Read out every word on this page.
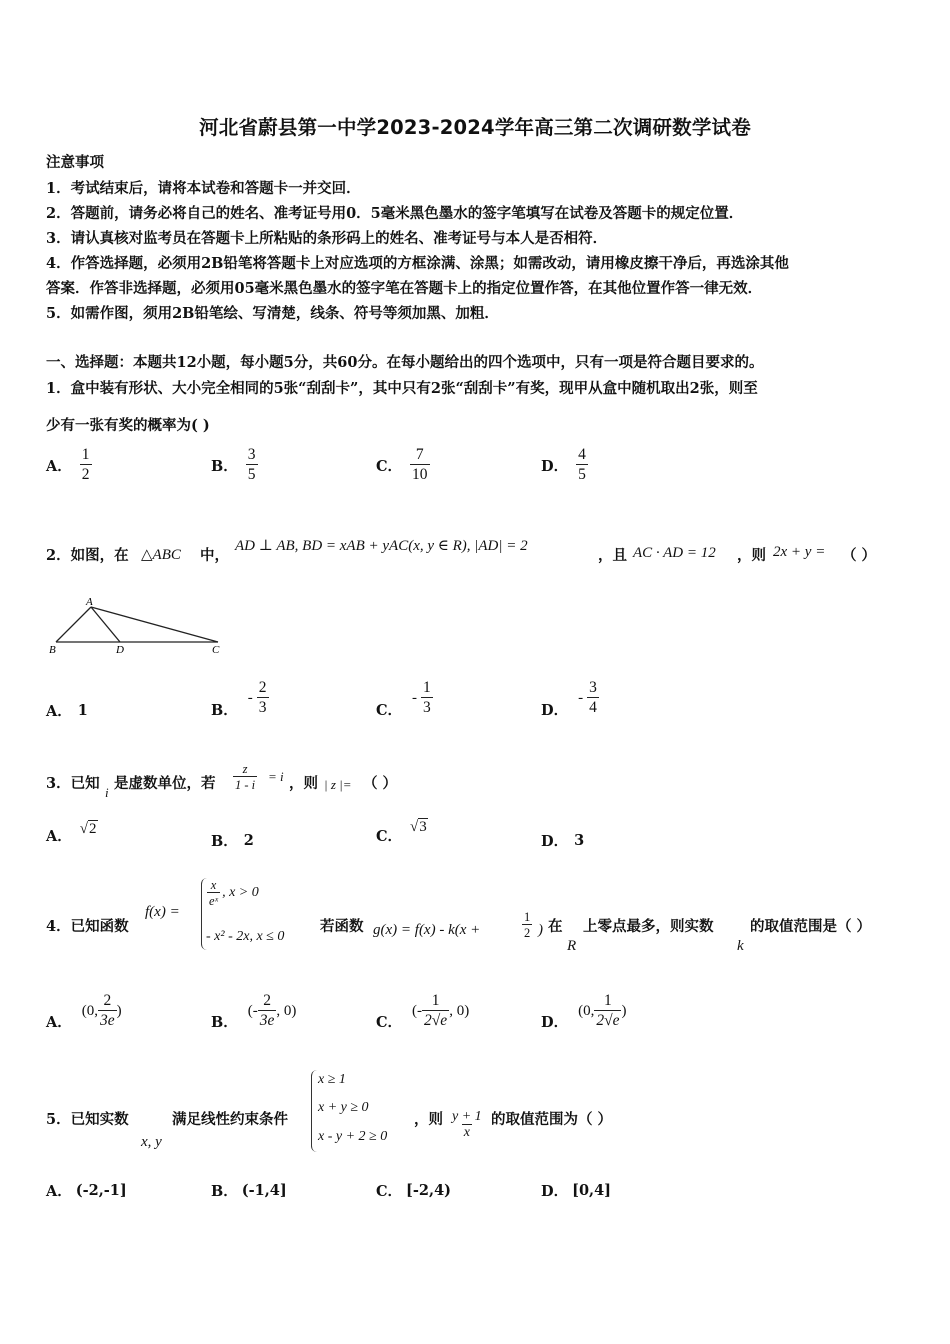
河北省蔚县第一中学2023-2024学年高三第二次调研数学试卷
注意事项
1．考试结束后，请将本试卷和答题卡一并交回．
2．答题前，请务必将自己的姓名、准考证号用0．5毫米黑色墨水的签字笔填写在试卷及答题卡的规定位置．
3．请认真核对监考员在答题卡上所粘贴的条形码上的姓名、准考证号与本人是否相符．
4．作答选择题，必须用2B铅笔将答题卡上对应选项的方框涂满、涂黑；如需改动，请用橡皮擦干净后，再选涂其他
答案．作答非选择题，必须用05毫米黑色墨水的签字笔在答题卡上的指定位置作答，在其他位置作答一律无效．
5．如需作图，须用2B铅笔绘、写清楚，线条、符号等须加黑、加粗．
一、选择题：本题共12小题，每小题5分，共60分。在每小题给出的四个选项中，只有一项是符合题目要求的。
1．盒中装有形状、大小完全相同的5张“刮刮卡”，其中只有2张“刮刮卡”有奖，现甲从盒中随机取出2张，则至
少有一张有奖的概率为( )
A． $\frac{1}{2}$	B． $\frac{3}{5}$	C． $\frac{7}{10}$	D． $\frac{4}{5}$
2．如图，在 △ABC 中，
AD ⊥ AB, BD = xAB + yAC(x, y ∈ R), |AD| = 2
，且 AC · AD = 12 ，则 2x + y = （ ）
A
B	D	C
A． 1	B．
- $\frac{2}{3}$	C．
- $\frac{1}{3}$	D．
- $\frac{3}{4}$
3．已知
i
是虚数单位，若 $\frac{z}{1 - i} = i$ ，则 | z |= （ ）
A． √ 2
B． 2	C．
√ 3
D． 3
4．已知函数
f(x) =
$\frac{x}{\text{eˣ}}$ , x > 0
- x² - 2x, x ≤ 0
若函数 g(x) = f(x) - k(x +	$\frac{1}{2}$ ) 在
R
上零点最多，则实数
k
的取值范围是（ ）
A．
(0, $\frac{2}{3e}$ )
B．
(- $\frac{2}{3e}$ , 0)
C．
(- $\frac{1}{2√e}$ , 0)
D．
(0, $\frac{1}{2√e}$ )
5．已知实数
x, y
满足线性约束条件
x ≥ 1
x + y ≥ 0
x - y + 2 ≥ 0
，则 $\frac{y + 1}{x}$ 的取值范围为（ ）
A． (-2,-1]	B． (-1,4]	C． [-2,4)	D． [0,4]
